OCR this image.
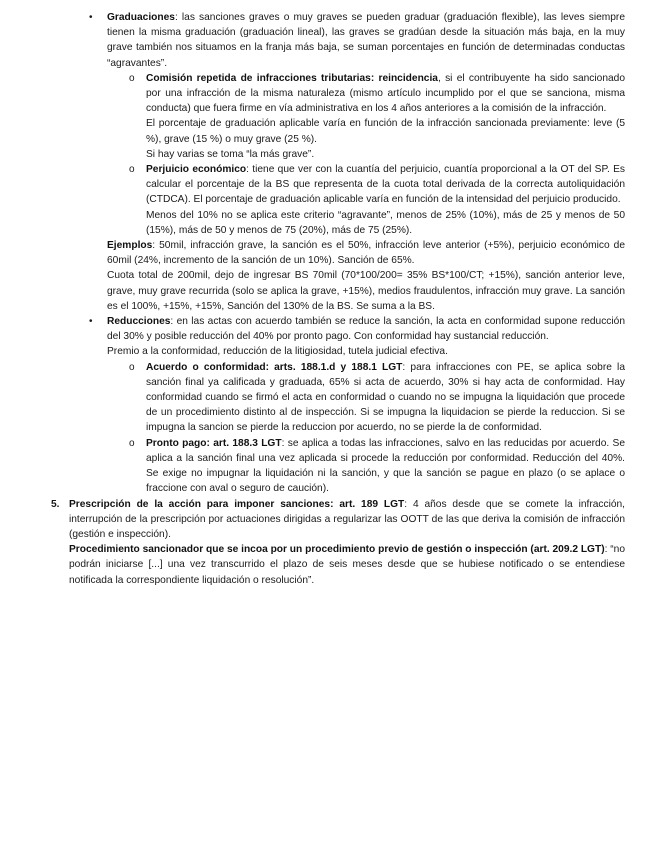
• Graduaciones: las sanciones graves o muy graves se pueden graduar (graduación flexible), las leves siempre tienen la misma graduación (graduación lineal), las graves se gradúan desde la situación más baja, en la muy grave también nos situamos en la franja más baja, se suman porcentajes en función de determinadas conductas “agravantes”.

o Comisión repetida de infracciones tributarias: reincidencia, si el contribuyente ha sido sancionado por una infracción de la misma naturaleza (mismo artículo incumplido por el que se sanciona, misma conducta) que fuera firme en vía administrativa en los 4 años anteriores a la comisión de la infracción.

El porcentaje de graduación aplicable varía en función de la infracción sancionada previamente: leve (5 %), grave (15 %) o muy grave (25 %).

Si hay varias se toma “la más grave”.

o Perjuicio económico: tiene que ver con la cuantía del perjuicio, cuantía proporcional a la OT del SP. Es calcular el porcentaje de la BS que representa de la cuota total derivada de la correcta autoliquidación (CTDCA). El porcentaje de graduación aplicable varía en función de la intensidad del perjuicio producido.

Menos del 10% no se aplica este criterio “agravante”, menos de 25% (10%), más de 25 y menos de 50 (15%), más de 50 y menos de 75 (20%), más de 75 (25%).

Ejemplos: 50mil, infracción grave, la sanción es el 50%, infracción leve anterior (+5%), perjuicio económico de 60mil (24%, incremento de la sanción de un 10%). Sanción de 65%.

Cuota total de 200mil, dejo de ingresar BS 70mil (70*100/200= 35% BS*100/CT; +15%), sanción anterior leve, grave, muy grave recurrida (solo se aplica la grave, +15%), medios fraudulentos, infracción muy grave. La sanción es el 100%, +15%, +15%, Sanción del 130% de la BS. Se suma a la BS.

• Reducciones: en las actas con acuerdo también se reduce la sanción, la acta en conformidad supone reducción del 30% y posible reducción del 40% por pronto pago. Con conformidad hay sustancial reducción.

Premio a la conformidad, reducción de la litigiosidad, tutela judicial efectiva.

o Acuerdo o conformidad: arts. 188.1.d y 188.1 LGT: para infracciones con PE, se aplica sobre la sanción final ya calificada y graduada, 65% si acta de acuerdo, 30% si hay acta de conformidad. Hay conformidad cuando se firmó el acta en conformidad o cuando no se impugna la liquidación que procede de un procedimiento distinto al de inspección. Si se impugna la liquidacion se pierde la reduccion. Si se impugna la sancion se pierde la reduccion por acuerdo, no se pierde la de conformidad.

o Pronto pago: art. 188.3 LGT: se aplica a todas las infracciones, salvo en las reducidas por acuerdo. Se aplica a la sanción final una vez aplicada si procede la reducción por conformidad. Reducción del 40%. Se exige no impugnar la liquidación ni la sanción, y que la sanción se pague en plazo (o se aplace o fraccione con aval o seguro de caución).

5. Prescripción de la acción para imponer sanciones: art. 189 LGT: 4 años desde que se comete la infracción, interrupción de la prescripción por actuaciones dirigidas a regularizar las OOTT de las que deriva la comisión de infracción (gestión e inspección).

Procedimiento sancionador que se incoa por un procedimiento previo de gestión o inspección (art. 209.2 LGT): “no podrán iniciarse [...] una vez transcurrido el plazo de seis meses desde que se hubiese notificado o se entendiese notificada la correspondiente liquidación o resolución”.
